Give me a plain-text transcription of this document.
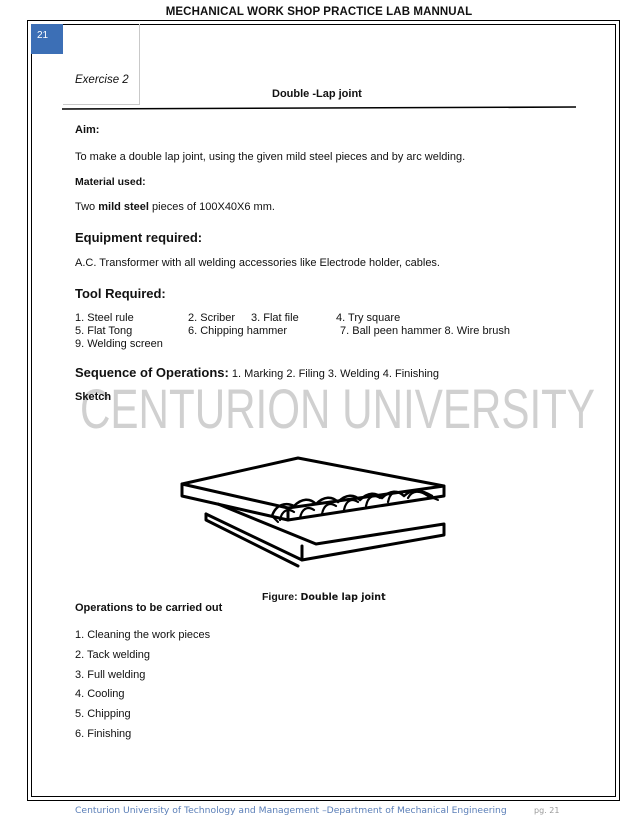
MECHANICAL WORK SHOP PRACTICE LAB MANNUAL
21
Exercise 2
Double -Lap joint
Aim:
To make a double lap joint, using the given mild steel pieces and by arc welding.
Material used:
Two mild steel pieces of 100X40X6 mm.
Equipment required:
A.C. Transformer with all welding accessories like Electrode holder, cables.
Tool Required:
1. Steel rule	2. Scriber 3. Flat file	4. Try square
5. Flat Tong	6. Chipping hammer	7. Ball peen hammer 8. Wire brush
9. Welding screen
Sequence of Operations: 1. Marking 2. Filing 3. Welding 4. Finishing
CENTURION UNIVERSITY
Sketch
Figure: Double lap joint
Operations to be carried out
1. Cleaning the work pieces
2. Tack welding
3. Full welding
4. Cooling
5. Chipping
6. Finishing
Centurion University of Technology and Management –Department of Mechanical Engineering	pg. 21
